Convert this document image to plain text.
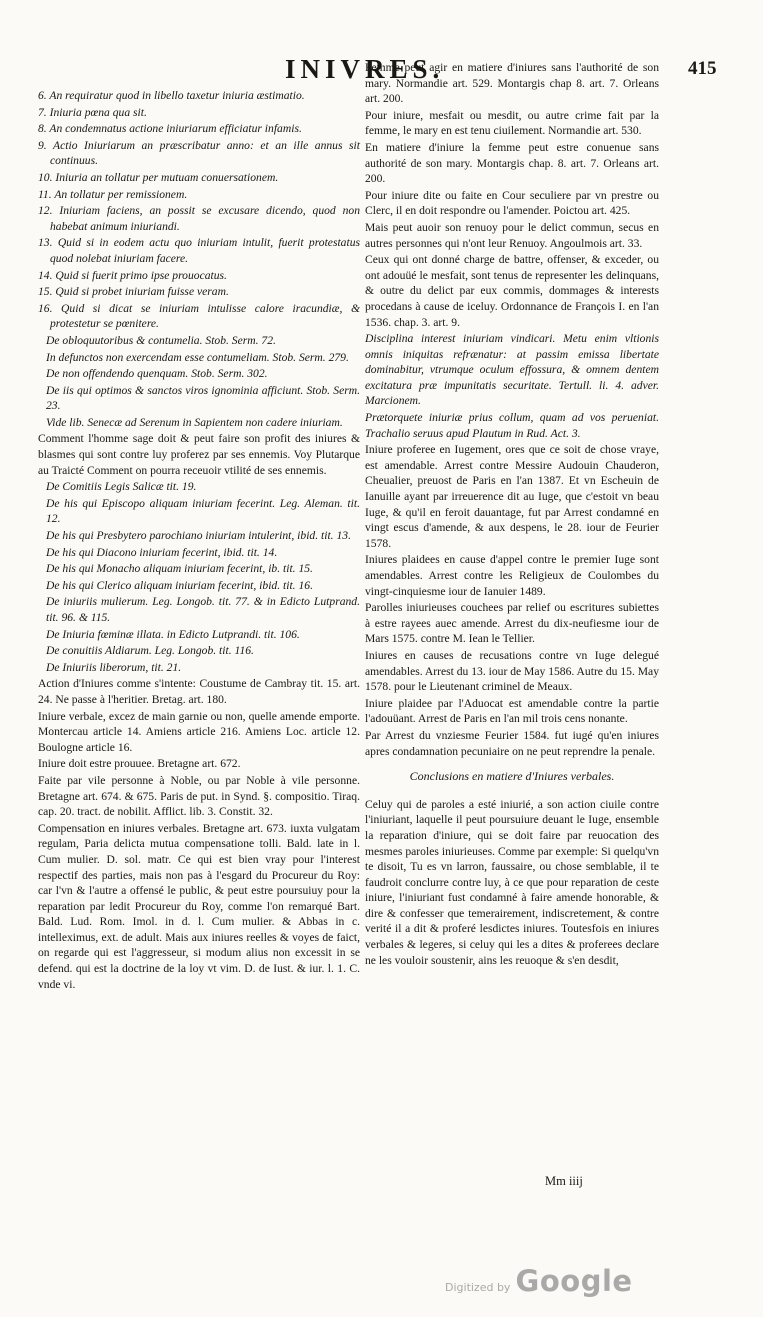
INIVRES.	415

6. An requiratur quod in libello taxetur iniuria æstimatio.

7. Iniuria pœna qua sit.

8. An condemnatus actione iniuriarum efficiatur infamis.

9. Actio Iniuriarum an præscribatur anno: et an ille annus sit continuus.

10. Iniuria an tollatur per mutuam conuersationem.

11. An tollatur per remissionem.

12. Iniuriam faciens, an possit se excusare dicendo, quod non habebat animum iniuriandi.

13. Quid si in eodem actu quo iniuriam intulit, fuerit protestatus quod nolebat iniuriam facere.

14. Quid si fuerit primo ipse prouocatus.

15. Quid si probet iniuriam fuisse veram.

16. Quid si dicat se iniuriam intulisse calore iracundiæ, & protestetur se pœnitere.

De obloquutoribus & contumelia. Stob. Serm. 72.

In defunctos non exercendam esse contumeliam. Stob. Serm. 279.

De non offendendo quenquam. Stob. Serm. 302.

De iis qui optimos & sanctos viros ignominia afficiunt. Stob. Serm. 23.

Vide lib. Senecæ ad Serenum in Sapientem non cadere iniuriam.

Comment l'homme sage doit & peut faire son profit des iniures & blasmes qui sont contre luy proferez par ses ennemis. Voy Plutarque au Traicté Comment on pourra receuoir vtilité de ses ennemis.

De Comitiis Legis Salicæ tit. 19.

De his qui Episcopo aliquam iniuriam fecerint. Leg. Aleman. tit. 12.

De his qui Presbytero parochiano iniuriam intulerint, ibid. tit. 13.

De his qui Diacono iniuriam fecerint, ibid. tit. 14.

De his qui Monacho aliquam iniuriam fecerint, ib. tit. 15.

De his qui Clerico aliquam iniuriam fecerint, ibid. tit. 16.

De iniuriis mulierum. Leg. Longob. tit. 77. & in Edicto Lutprand. tit. 96. & 115.

De Iniuria fœminæ illata. in Edicto Lutprandi. tit. 106.

De conuitiis Aldiarum. Leg. Longob. tit. 116.

De Iniuriis liberorum, tit. 21.

Action d'Iniures comme s'intente: Coustume de Cambray tit. 15. art. 24. Ne passe à l'heritier. Bretag. art. 180.

Iniure verbale, excez de main garnie ou non, quelle amende emporte. Montercau article 14. Amiens article 216. Amiens Loc. article 12. Boulogne article 16.

Iniure doit estre prouuee. Bretagne art. 672.

Faite par vile personne à Noble, ou par Noble à vile personne. Bretagne art. 674. & 675. Paris de put. in Synd. §. compositio. Tiraq. cap. 20. tract. de nobilit. Afflict. lib. 3. Constit. 32.

Compensation en iniures verbales. Bretagne art. 673. iuxta vulgatam regulam, Paria delicta mutua compensatione tolli. Bald. late in l. Cum mulier. D. sol. matr. Ce qui est bien vray pour l'interest respectif des parties, mais non pas à l'esgard du Procureur du Roy: car l'vn & l'autre a offensé le public, & peut estre poursuiuy pour la reparation par ledit Procureur du Roy, comme l'on remarqué Bart. Bald. Lud. Rom. Imol. in d. l. Cum mulier. & Abbas in c. intelleximus, ext. de adult. Mais aux iniures reelles & voyes de faict, on regarde qui est l'aggresseur, si modum alius non excessit in se defend. qui est la doctrine de la loy vt vim. D. de Iust. & iur. l. 1. C. vnde vi.

Femme peut agir en matiere d'iniures sans l'authorité de son mary. Normandie art. 529. Montargis chap 8. art. 7. Orleans art. 200.

Pour iniure, mesfait ou mesdit, ou autre crime fait par la femme, le mary en est tenu ciuilement. Normandie art. 530.

En matiere d'iniure la femme peut estre conuenue sans authorité de son mary. Montargis chap. 8. art. 7. Orleans art. 200.

Pour iniure dite ou faite en Cour seculiere par vn prestre ou Clerc, il en doit respondre ou l'amender. Poictou art. 425.

Mais peut auoir son renuoy pour le delict commun, secus en autres personnes qui n'ont leur Renuoy. Angoulmois art. 33.

Ceux qui ont donné charge de battre, offenser, & exceder, ou ont adouüé le mesfait, sont tenus de representer les delinquans, & outre du delict par eux commis, dommages & interests procedans à cause de iceluy. Ordonnance de François I. en l'an 1536. chap. 3. art. 9.

Disciplina interest iniuriam vindicari. Metu enim vltionis omnis iniquitas refrænatur: at passim emissa libertate dominabitur, vtrumque oculum effossura, & omnem dentem excitatura præ impunitatis securitate. Tertull. li. 4. adver. Marcionem.

Prætorquete iniuriæ prius collum, quam ad vos perueniat. Trachalio seruus apud Plautum in Rud. Act. 3.

Iniure proferee en Iugement, ores que ce soit de chose vraye, est amendable. Arrest contre Messire Audouin Chauderon, Cheualier, preuost de Paris en l'an 1387. Et vn Escheuin de Ianuille ayant par irreuerence dit au Iuge, que c'estoit vn beau Iuge, & qu'il en feroit dauantage, fut par Arrest condamné en vingt escus d'amende, & aux despens, le 28. iour de Feurier 1578.

Iniures plaidees en cause d'appel contre le premier Iuge sont amendables. Arrest contre les Religieux de Coulombes du vingt-cinquiesme iour de Ianuier 1489.

Parolles iniurieuses couchees par relief ou escritures subiettes à estre rayees auec amende. Arrest du dix-neufiesme iour de Mars 1575. contre M. Iean le Tellier.

Iniures en causes de recusations contre vn Iuge delegué amendables. Arrest du 13. iour de May 1586. Autre du 15. May 1578. pour le Lieutenant criminel de Meaux.

Iniure plaidee par l'Aduocat est amendable contre la partie l'adouüant. Arrest de Paris en l'an mil trois cens nonante.

Par Arrest du vnziesme Feurier 1584. fut iugé qu'en iniures apres condamnation pecuniaire on ne peut reprendre la penale.

Conclusions en matiere d'Iniures verbales.

Celuy qui de paroles a esté iniurié, a son action ciuile contre l'iniuriant, laquelle il peut poursuiure deuant le Iuge, ensemble la reparation d'iniure, qui se doit faire par reuocation des mesmes paroles iniurieuses. Comme par exemple: Si quelqu'vn te disoit, Tu es vn larron, faussaire, ou chose semblable, il te faudroit conclurre contre luy, à ce que pour reparation de ceste iniure, l'iniuriant fust condamné à faire amende honorable, & dire & confesser que temerairement, indiscretement, & contre verité il a dit & proferé lesdictes iniures. Toutesfois en iniures verbales & legeres, si celuy qui les a dites & proferees declare ne les vouloir soustenir, ains les reuoque & s'en desdit,

Mm iiij
Digitized by Google
